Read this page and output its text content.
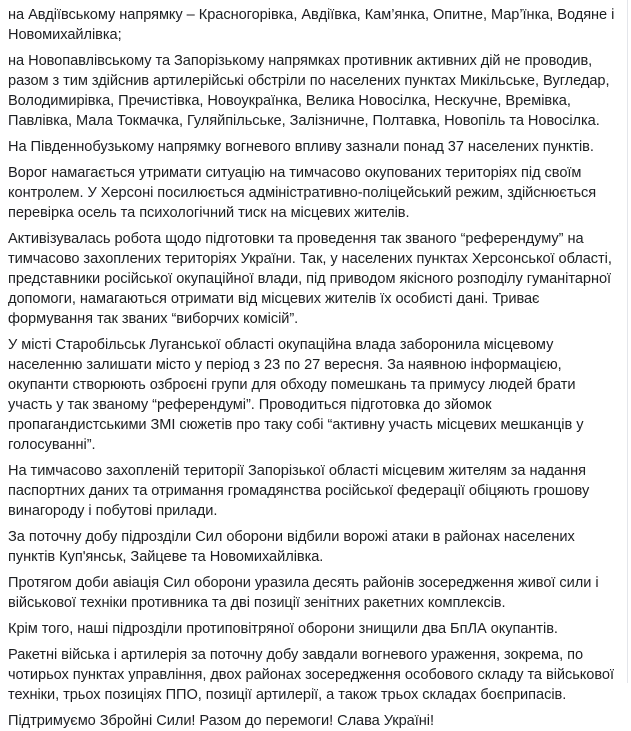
на Авдіївському напрямку – Красногорівка, Авдіївка, Кам’янка, Опитне, Мар’їнка, Водяне і Новомихайлівка;

на Новопавлівському та Запорізькому напрямках противник активних дій не проводив, разом з тим здійснив артилерійські обстріли по населених пунктах Микільське, Вугледар, Володимирівка, Пречистівка, Новоукраїнка, Велика Новосілка, Нескучне, Времівка, Павлівка, Мала Токмачка, Гуляйпільське, Залізничне, Полтавка, Новопіль та Новосілка.

На Південнобузькому напрямку вогневого впливу зазнали понад 37 населених пунктів.

Ворог намагається утримати ситуацію на тимчасово окупованих територіях під своїм контролем. У Херсоні посилюється адміністративно-поліцейський режим, здійснюється перевірка осель та психологічний тиск на місцевих жителів.

Активізувалась робота щодо підготовки та проведення так званого “референдуму” на тимчасово захоплених територіях України. Так, у населених пунктах Херсонської області, представники російської окупаційної влади, під приводом якісного розподілу гуманітарної допомоги, намагаються отримати від місцевих жителів їх особисті дані. Триває формування так званих “виборчих комісій”.

У місті Старобільськ Луганської області окупаційна влада заборонила місцевому населенню залишати місто у період з 23 по 27 вересня. За наявною інформацією, окупанти створюють озброєні групи для обходу помешкань та примусу людей брати участь у так званому “референдумі”. Проводиться підготовка до зйомок пропагандистськими ЗМІ сюжетів про таку собі “активну участь місцевих мешканців у голосуванні”.

На тимчасово захопленій території Запорізької області місцевим жителям за надання паспортних даних та отримання громадянства російської федерації обіцяють грошову винагороду і побутові прилади.

За поточну добу підрозділи Сил оборони відбили ворожі атаки в районах населених пунктів Куп'янськ, Зайцеве та Новомихайлівка.

Протягом доби авіація Сил оборони уразила десять районів зосередження живої сили і військової техніки противника та дві позиції зенітних ракетних комплексів.

Крім того, наші підрозділи протиповітряної оборони знищили два БпЛА окупантів.

Ракетні війська і артилерія за поточну добу завдали вогневого ураження, зокрема, по чотирьох пунктах управління, двох районах зосередження особового складу та військової техніки, трьох позиціях ППО, позиції артилерії, а також трьох складах боєприпасів.

Підтримуємо Збройні Сили! Разом до перемоги! Слава Україні!
